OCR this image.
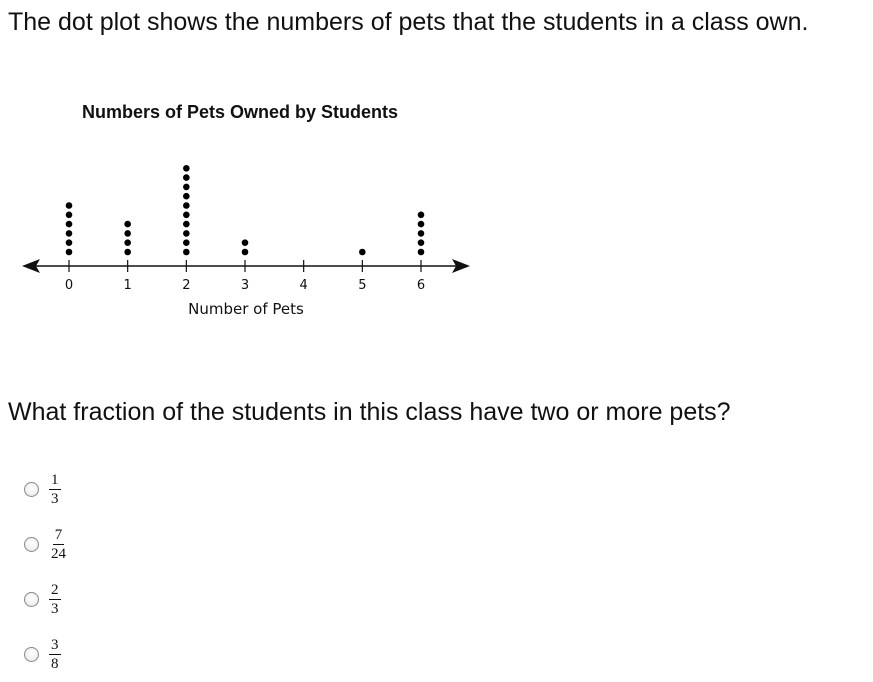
The dot plot shows the numbers of pets that the students in a class own.

Numbers of Pets Owned by Students
0	1	2	3	4	5	6
Number of Pets

What fraction of the students in this class have two or more pets?

$\frac{1}{3}$
$\frac{7}{24}$
$\frac{2}{3}$
$\frac{3}{8}$
